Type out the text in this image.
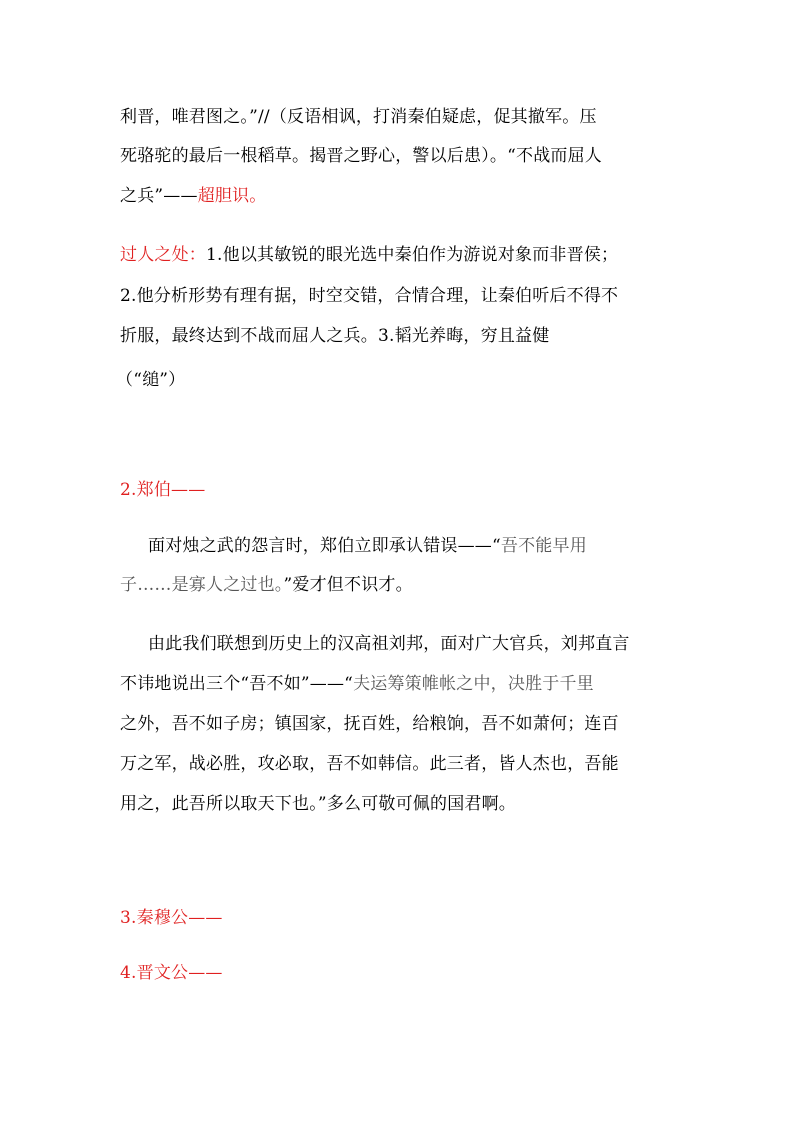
利晋，唯君图之。”//（反语相讽，打消秦伯疑虑，促其撤军。压
死骆驼的最后一根稻草。揭晋之野心，警以后患）。“不战而屈人
之兵”——超胆识。
过人之处：1.他以其敏锐的眼光选中秦伯作为游说对象而非晋侯；
2.他分析形势有理有据，时空交错，合情合理，让秦伯听后不得不
折服，最终达到不战而屈人之兵。3.韬光养晦，穷且益健
（“缒”）
2.郑伯——
面对烛之武的怨言时，郑伯立即承认错误——“吾不能早用
子……是寡人之过也。”爱才但不识才。
由此我们联想到历史上的汉高祖刘邦，面对广大官兵，刘邦直言
不讳地说出三个“吾不如”——“夫运筹策帷帐之中，决胜于千里
之外，吾不如子房；镇国家，抚百姓，给粮饷，吾不如萧何；连百
万之军，战必胜，攻必取，吾不如韩信。此三者，皆人杰也，吾能
用之，此吾所以取天下也。”多么可敬可佩的国君啊。
3.秦穆公——
4.晋文公——
